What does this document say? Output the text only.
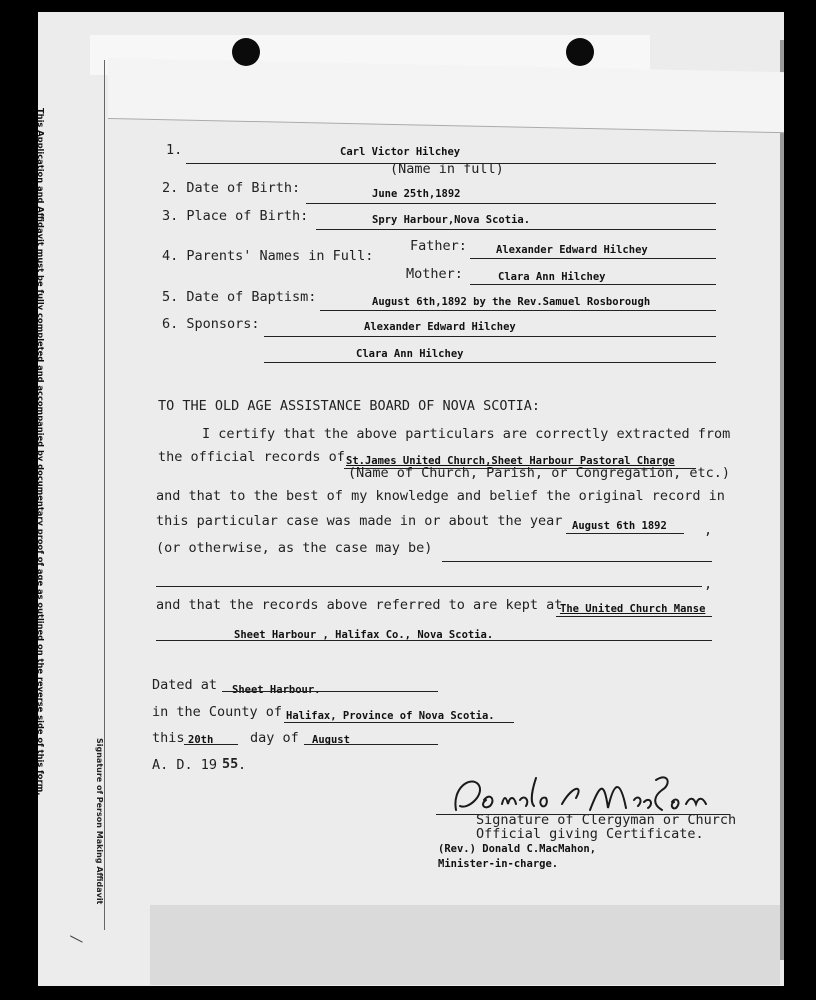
This Application and Affidavit must be fully completed and accompanied by documentary proof of age as outlined on the reverse side of this form.
Signature of Person Making Affidavit
1.	Carl Victor Hilchey
(Name in full)
2. Date of Birth:	June 25th,1892
3. Place of Birth:	Spry Harbour,Nova Scotia.
4. Parents' Names in Full:
Father:	Alexander Edward Hilchey
Mother:	Clara Ann Hilchey
5. Date of Baptism:	August 6th,1892 by the Rev.Samuel Rosborough
6. Sponsors:	Alexander Edward Hilchey
Clara Ann Hilchey
TO THE OLD AGE ASSISTANCE BOARD OF NOVA SCOTIA:
I certify that the above particulars are correctly extracted from
the official records of St.James United Church,Sheet Harbour Pastoral Charge
(Name of Church, Parish, or Congregation, etc.)
and that to the best of my knowledge and belief the original record in
this particular case was made in or about the year August 6th 1892	,
(or otherwise, as the case may be)
,
and that the records above referred to are kept at
The United Church Manse
Sheet Harbour , Halifax Co., Nova Scotia.
Dated at Sheet Harbour.
in the County of Halifax, Province of Nova Scotia.
this 20th	day of August
A. D. 19 55 .
Signature of Clergyman or Church
Official giving Certificate.
(Rev.) Donald C.MacMahon,
Minister-in-charge.
/
